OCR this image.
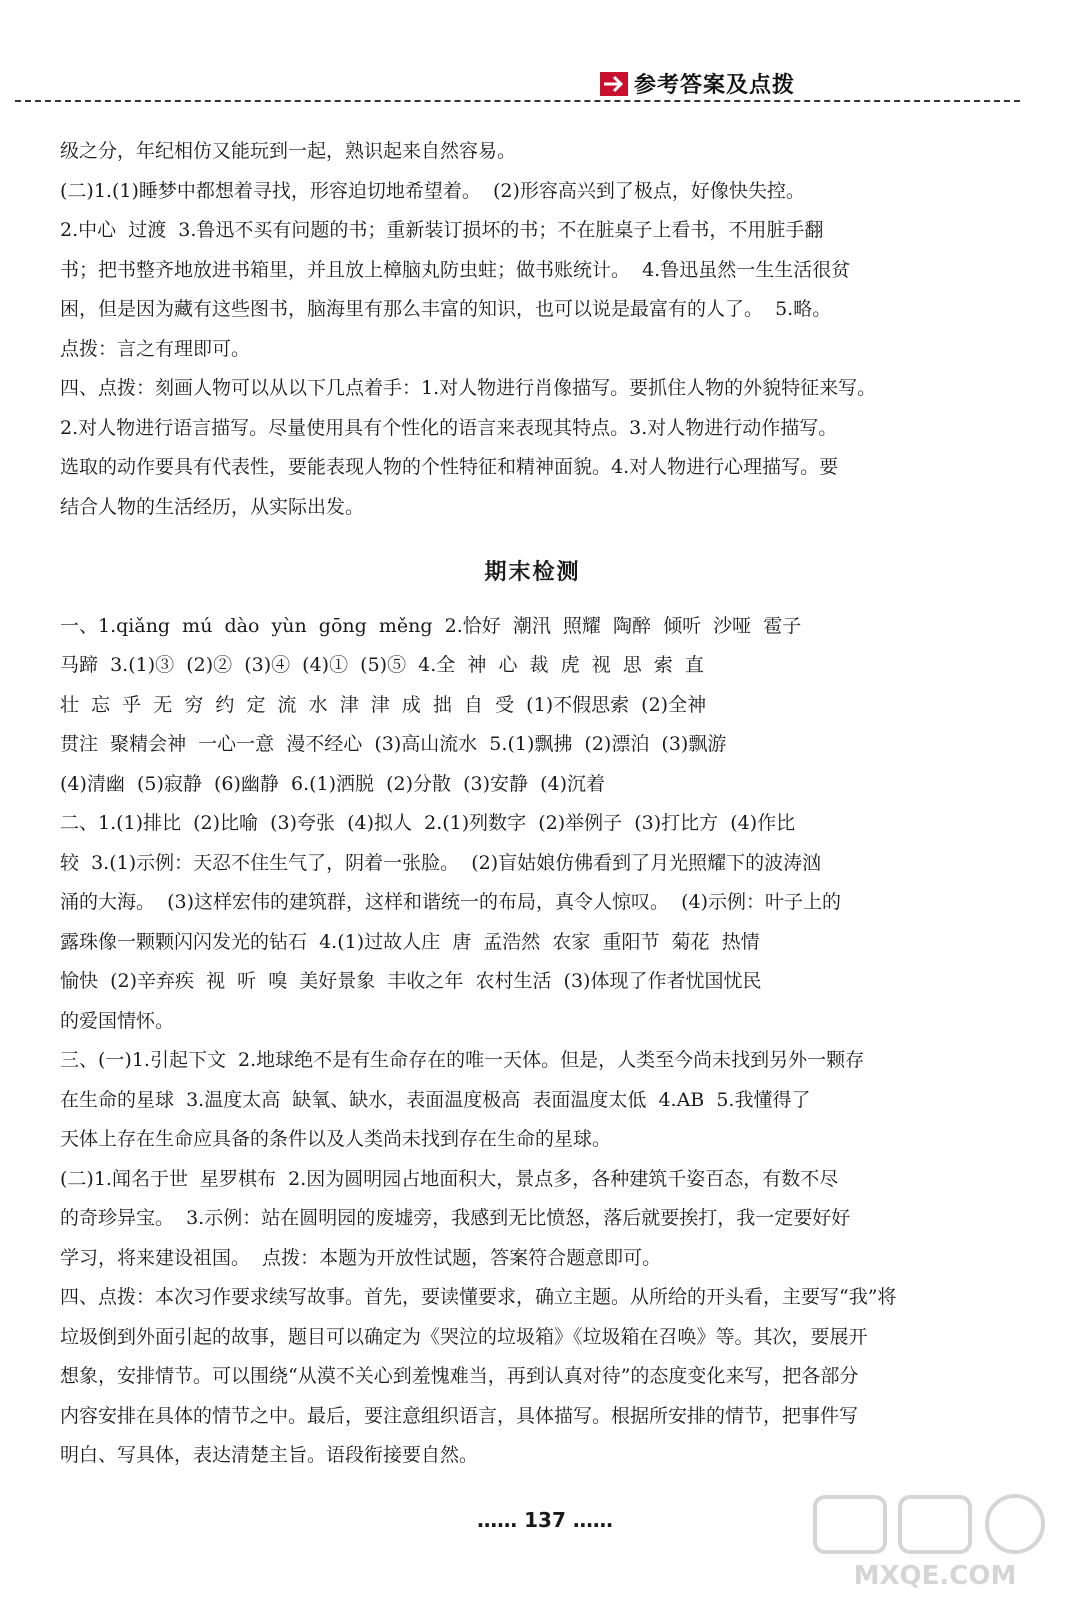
参考答案及点拨

级之分，年纪相仿又能玩到一起，熟识起来自然容易。

(二)1.(1)睡梦中都想着寻找，形容迫切地希望着。  (2)形容高兴到了极点，好像快失控。

2.中心  过渡  3.鲁迅不买有问题的书；重新装订损坏的书；不在脏桌子上看书，不用脏手翻

书；把书整齐地放进书箱里，并且放上樟脑丸防虫蛀；做书账统计。  4.鲁迅虽然一生生活很贫

困，但是因为藏有这些图书，脑海里有那么丰富的知识，也可以说是最富有的人了。  5.略。

点拨：言之有理即可。

四、点拨：刻画人物可以从以下几点着手：1.对人物进行肖像描写。要抓住人物的外貌特征来写。

2.对人物进行语言描写。尽量使用具有个性化的语言来表现其特点。3.对人物进行动作描写。

选取的动作要具有代表性，要能表现人物的个性特征和精神面貌。4.对人物进行心理描写。要

结合人物的生活经历，从实际出发。

期末检测

一、1.qiǎng  mú  dào  yùn  gōng  měng  2.恰好  潮汛  照耀  陶醉  倾听  沙哑  雹子

马蹄  3.(1)③  (2)②  (3)④  (4)①  (5)⑤  4.全  神  心  裁  虎  视  思  索  直

壮  忘  乎  无  穷  约  定  流  水  津  津  成  拙  自  受  (1)不假思索  (2)全神

贯注  聚精会神  一心一意  漫不经心  (3)高山流水  5.(1)飘拂  (2)漂泊  (3)飘游

(4)清幽  (5)寂静  (6)幽静  6.(1)洒脱  (2)分散  (3)安静  (4)沉着

二、1.(1)排比  (2)比喻  (3)夸张  (4)拟人  2.(1)列数字  (2)举例子  (3)打比方  (4)作比

较  3.(1)示例：天忍不住生气了，阴着一张脸。  (2)盲姑娘仿佛看到了月光照耀下的波涛汹

涌的大海。  (3)这样宏伟的建筑群，这样和谐统一的布局，真令人惊叹。  (4)示例：叶子上的

露珠像一颗颗闪闪发光的钻石  4.(1)过故人庄  唐  孟浩然  农家  重阳节  菊花  热情

愉快  (2)辛弃疾  视  听  嗅  美好景象  丰收之年  农村生活  (3)体现了作者忧国忧民

的爱国情怀。

三、(一)1.引起下文  2.地球绝不是有生命存在的唯一天体。但是，人类至今尚未找到另外一颗存

在生命的星球  3.温度太高  缺氧、缺水，表面温度极高  表面温度太低  4.AB  5.我懂得了

天体上存在生命应具备的条件以及人类尚未找到存在生命的星球。

(二)1.闻名于世  星罗棋布  2.因为圆明园占地面积大，景点多，各种建筑千姿百态，有数不尽

的奇珍异宝。  3.示例：站在圆明园的废墟旁，我感到无比愤怒，落后就要挨打，我一定要好好

学习，将来建设祖国。  点拨：本题为开放性试题，答案符合题意即可。

四、点拨：本次习作要求续写故事。首先，要读懂要求，确立主题。从所给的开头看，主要写“我”将

垃圾倒到外面引起的故事，题目可以确定为《哭泣的垃圾箱》《垃圾箱在召唤》等。其次，要展开

想象，安排情节。可以围绕“从漠不关心到羞愧难当，再到认真对待”的态度变化来写，把各部分

内容安排在具体的情节之中。最后，要注意组织语言，具体描写。根据所安排的情节，把事件写

明白、写具体，表达清楚主旨。语段衔接要自然。

…… 137 ……
MXQE.COM
